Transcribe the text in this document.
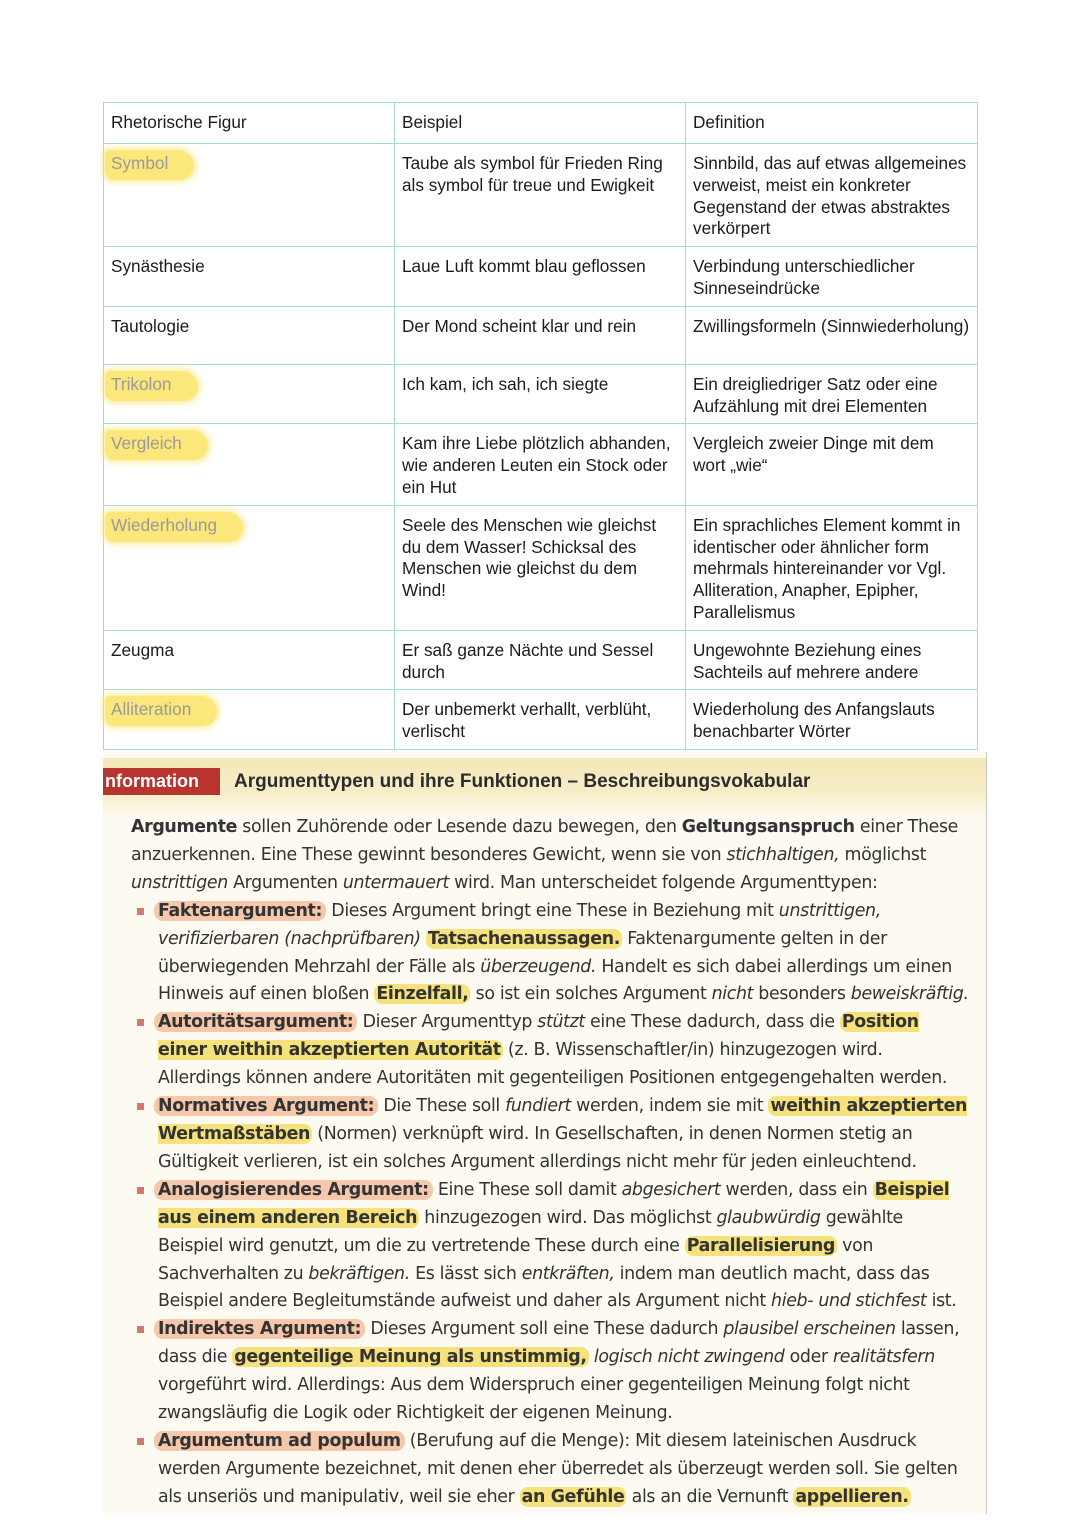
Rhetorische Figur	Beispiel	Definition
Symbol	Taube als symbol für Frieden Ring als symbol für treue und Ewigkeit	Sinnbild, das auf etwas allgemeines verweist, meist ein konkreter Gegenstand der etwas abstraktes verkörpert
Synästhesie	Laue Luft kommt blau geflossen	Verbindung unterschiedlicher Sinneseindrücke
Tautologie	Der Mond scheint klar und rein	Zwillingsformeln (Sinnwiederholung)
Trikolon	Ich kam, ich sah, ich siegte	Ein dreigliedriger Satz oder eine Aufzählung mit drei Elementen
Vergleich	Kam ihre Liebe plötzlich abhanden, wie anderen Leuten ein Stock oder ein Hut	Vergleich zweier Dinge mit dem wort „wie“
Wiederholung	Seele des Menschen wie gleichst du dem Wasser! Schicksal des Menschen wie gleichst du dem Wind!	Ein sprachliches Element kommt in identischer oder ähnlicher form mehrmals hintereinander vor Vgl. Alliteration, Anapher, Epipher, Parallelismus
Zeugma	Er saß ganze Nächte und Sessel durch	Ungewohnte Beziehung eines Sachteils auf mehrere andere
Alliteration	Der unbemerkt verhallt, verblüht, verlischt	Wiederholung des Anfangslauts benachbarter Wörter
nformation	Argumenttypen und ihre Funktionen – Beschreibungsvokabular

Argumente sollen Zuhörende oder Lesende dazu bewegen, den Geltungsanspruch einer These anzuerkennen. Eine These gewinnt besonderes Gewicht, wenn sie von stichhaltigen, möglichst unstrittigen Argumenten untermauert wird. Man unterscheidet folgende Argumenttypen:

Faktenargument: Dieses Argument bringt eine These in Beziehung mit unstrittigen, verifizierbaren (nachprüfbaren) Tatsachenaussagen. Faktenargumente gelten in der überwiegenden Mehrzahl der Fälle als überzeugend. Handelt es sich dabei allerdings um einen Hinweis auf einen bloßen Einzelfall, so ist ein solches Argument nicht besonders beweiskräftig.
Autoritätsargument: Dieser Argumenttyp stützt eine These dadurch, dass die Position einer weithin akzeptierten Autorität (z. B. Wissenschaftler/in) hinzugezogen wird. Allerdings können andere Autoritäten mit gegenteiligen Positionen entgegengehalten werden.
Normatives Argument: Die These soll fundiert werden, indem sie mit weithin akzeptierten Wertmaßstäben (Normen) verknüpft wird. In Gesellschaften, in denen Normen stetig an Gültigkeit verlieren, ist ein solches Argument allerdings nicht mehr für jeden einleuchtend.
Analogisierendes Argument: Eine These soll damit abgesichert werden, dass ein Beispiel aus einem anderen Bereich hinzugezogen wird. Das möglichst glaubwürdig gewählte Beispiel wird genutzt, um die zu vertretende These durch eine Parallelisierung von Sachverhalten zu bekräftigen. Es lässt sich entkräften, indem man deutlich macht, dass das Beispiel andere Begleitumstände aufweist und daher als Argument nicht hieb- und stichfest ist.
Indirektes Argument: Dieses Argument soll eine These dadurch plausibel erscheinen lassen, dass die gegenteilige Meinung als unstimmig, logisch nicht zwingend oder realitätsfern vorgeführt wird. Allerdings: Aus dem Widerspruch einer gegenteiligen Meinung folgt nicht zwangsläufig die Logik oder Richtigkeit der eigenen Meinung.
Argumentum ad populum (Berufung auf die Menge): Mit diesem lateinischen Ausdruck werden Argumente bezeichnet, mit denen eher überredet als überzeugt werden soll. Sie gelten als unseriös und manipulativ, weil sie eher an Gefühle als an die Vernunft appellieren.
